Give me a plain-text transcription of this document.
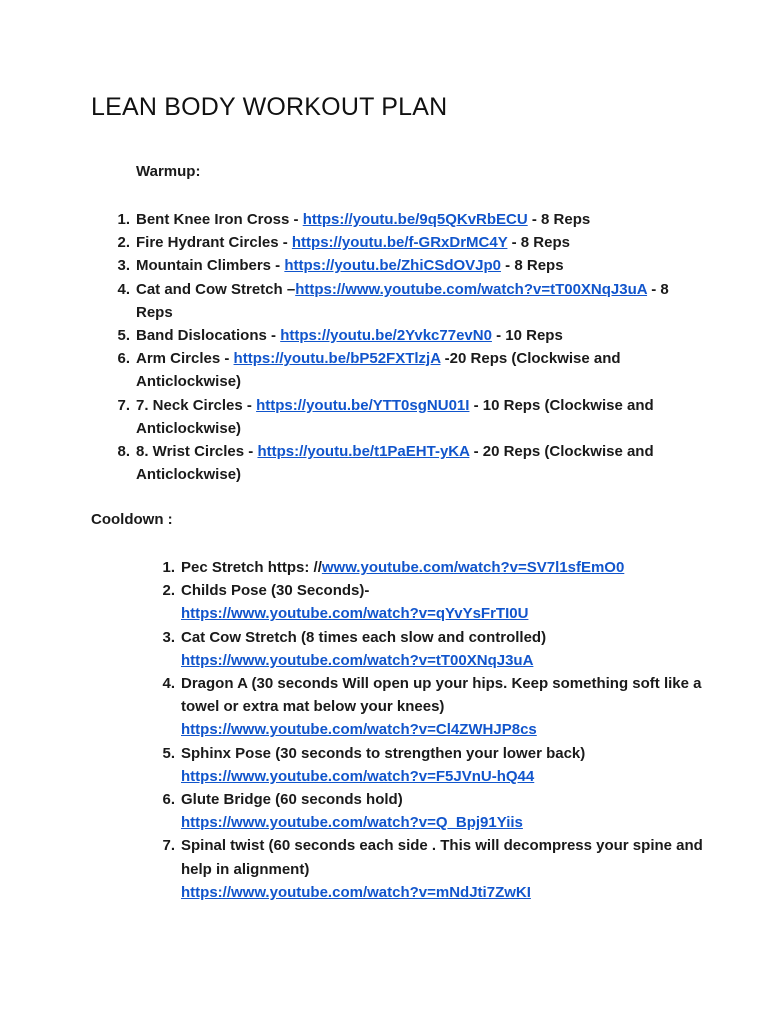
LEAN BODY WORKOUT PLAN

Warmup:

1. Bent Knee Iron Cross - https://youtu.be/9q5QKvRbECU - 8 Reps
2. Fire Hydrant Circles - https://youtu.be/f-GRxDrMC4Y - 8 Reps
3. Mountain Climbers - https://youtu.be/ZhiCSdOVJp0 - 8 Reps
4. Cat and Cow Stretch –https://www.youtube.com/watch?v=tT00XNqJ3uA - 8 Reps
5. Band Dislocations - https://youtu.be/2Yvkc77evN0 - 10 Reps
6. Arm Circles - https://youtu.be/bP52FXTlzjA -20 Reps (Clockwise and Anticlockwise)
7. 7. Neck Circles - https://youtu.be/YTT0sgNU01I - 10 Reps (Clockwise and Anticlockwise)
8. 8. Wrist Circles - https://youtu.be/t1PaEHT-yKA - 20 Reps (Clockwise and Anticlockwise)

Cooldown :

1. Pec Stretch https: //www.youtube.com/watch?v=SV7l1sfEmO0
2. Childs Pose (30 Seconds)-
https://www.youtube.com/watch?v=qYvYsFrTI0U
3. Cat Cow Stretch (8 times each slow and controlled)
https://www.youtube.com/watch?v=tT00XNqJ3uA
4. Dragon A (30 seconds Will open up your hips. Keep something soft like a towel or extra mat below your knees)
https://www.youtube.com/watch?v=Cl4ZWHJP8cs
5. Sphinx Pose (30 seconds to strengthen your lower back)
https://www.youtube.com/watch?v=F5JVnU-hQ44
6. Glute Bridge (60 seconds hold)
https://www.youtube.com/watch?v=Q_Bpj91Yiis
7. Spinal twist (60 seconds each side . This will decompress your spine and help in alignment)
https://www.youtube.com/watch?v=mNdJti7ZwKI
